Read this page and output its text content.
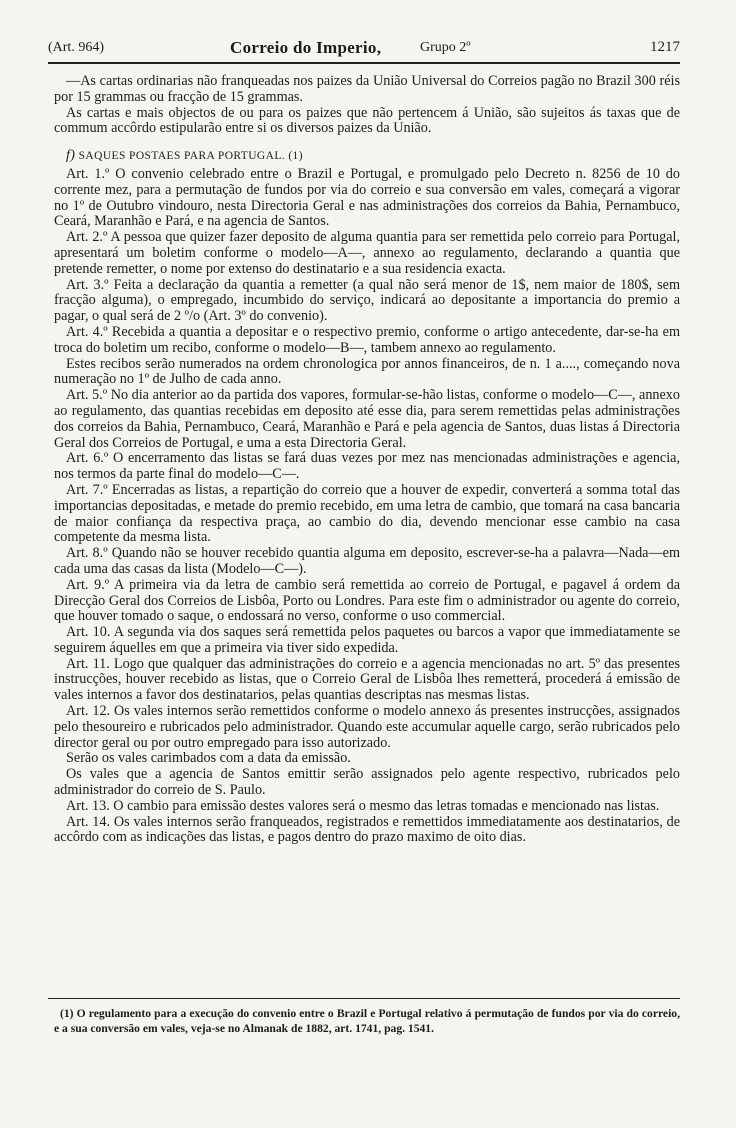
(Art. 964)	Correio do Imperio,	Grupo 2º	1217

—As cartas ordinarias não franqueadas nos paizes da União Universal do Correios pagão no Brazil 300 réis por 15 grammas ou fracção de 15 grammas.

As cartas e mais objectos de ou para os paizes que não pertencem á União, são sujeitos ás taxas que de commum accôrdo estipularão entre si os diversos paizes da União.

f) SAQUES POSTAES PARA PORTUGAL. (1)

Art. 1.º O convenio celebrado entre o Brazil e Portugal, e promulgado pelo Decreto n. 8256 de 10 do corrente mez, para a permutação de fundos por via do correio e sua conversão em vales, começará a vigorar no 1º de Outubro vindouro, nesta Directoria Geral e nas administrações dos correios da Bahia, Pernambuco, Ceará, Maranhão e Pará, e na agencia de Santos.

Art. 2.º A pessoa que quizer fazer deposito de alguma quantia para ser remettida pelo correio para Portugal, apresentará um boletim conforme o modelo—A—, annexo ao regulamento, declarando a quantia que pretende remetter, o nome por extenso do destinatario e a sua residencia exacta.

Art. 3.º Feita a declaração da quantia a remetter (a qual não será menor de 1$, nem maior de 180$, sem fracção alguma), o empregado, incumbido do serviço, indicará ao depositante a importancia do premio a pagar, o qual será de 2 º/o (Art. 3º do convenio).

Art. 4.º Recebida a quantia a depositar e o respectivo premio, conforme o artigo antecedente, dar-se-ha em troca do boletim um recibo, conforme o modelo—B—, tambem annexo ao regulamento.

Estes recibos serão numerados na ordem chronologica por annos financeiros, de n. 1 a...., começando nova numeração no 1º de Julho de cada anno.

Art. 5.º No dia anterior ao da partida dos vapores, formular-se-hão listas, conforme o modelo—C—, annexo ao regulamento, das quantias recebidas em deposito até esse dia, para serem remettidas pelas administrações dos correios da Bahia, Pernambuco, Ceará, Maranhão e Pará e pela agencia de Santos, duas listas á Directoria Geral dos Correios de Portugal, e uma a esta Directoria Geral.

Art. 6.º O encerramento das listas se fará duas vezes por mez nas mencionadas administrações e agencia, nos termos da parte final do modelo—C—.

Art. 7.º Encerradas as listas, a repartição do correio que a houver de expedir, converterá a somma total das importancias depositadas, e metade do premio recebido, em uma letra de cambio, que tomará na casa bancaria de maior confiança da respectiva praça, ao cambio do dia, devendo mencionar esse cambio na casa competente da mesma lista.

Art. 8.º Quando não se houver recebido quantia alguma em deposito, escrever-se-ha a palavra—Nada—em cada uma das casas da lista (Modelo—C—).

Art. 9.º A primeira via da letra de cambio será remettida ao correio de Portugal, e pagavel á ordem da Direcção Geral dos Correios de Lisbôa, Porto ou Londres. Para este fim o administrador ou agente do correio, que houver tomado o saque, o endossará no verso, conforme o uso commercial.

Art. 10. A segunda via dos saques será remettida pelos paquetes ou barcos a vapor que immediatamente se seguirem áquelles em que a primeira via tiver sido expedida.

Art. 11. Logo que qualquer das administrações do correio e a agencia mencionadas no art. 5º das presentes instrucções, houver recebido as listas, que o Correio Geral de Lisbôa lhes remetterá, procederá á emissão de vales internos a favor dos destinatarios, pelas quantias descriptas nas mesmas listas.

Art. 12. Os vales internos serão remettidos conforme o modelo annexo ás presentes instrucções, assignados pelo thesoureiro e rubricados pelo administrador. Quando este accumular aquelle cargo, serão rubricados pelo director geral ou por outro empregado para isso autorizado.

Serão os vales carimbados com a data da emissão.

Os vales que a agencia de Santos emittir serão assignados pelo agente respectivo, rubricados pelo administrador do correio de S. Paulo.

Art. 13. O cambio para emissão destes valores será o mesmo das letras tomadas e mencionado nas listas.

Art. 14. Os vales internos serão franqueados, registrados e remettidos immediatamente aos destinatarios, de accôrdo com as indicações das listas, e pagos dentro do prazo maximo de oito dias.

(1) O regulamento para a execução do convenio entre o Brazil e Portugal relativo á permutação de fundos por via do correio, e a sua conversão em vales, veja-se no Almanak de 1882, art. 1741, pag. 1541.
